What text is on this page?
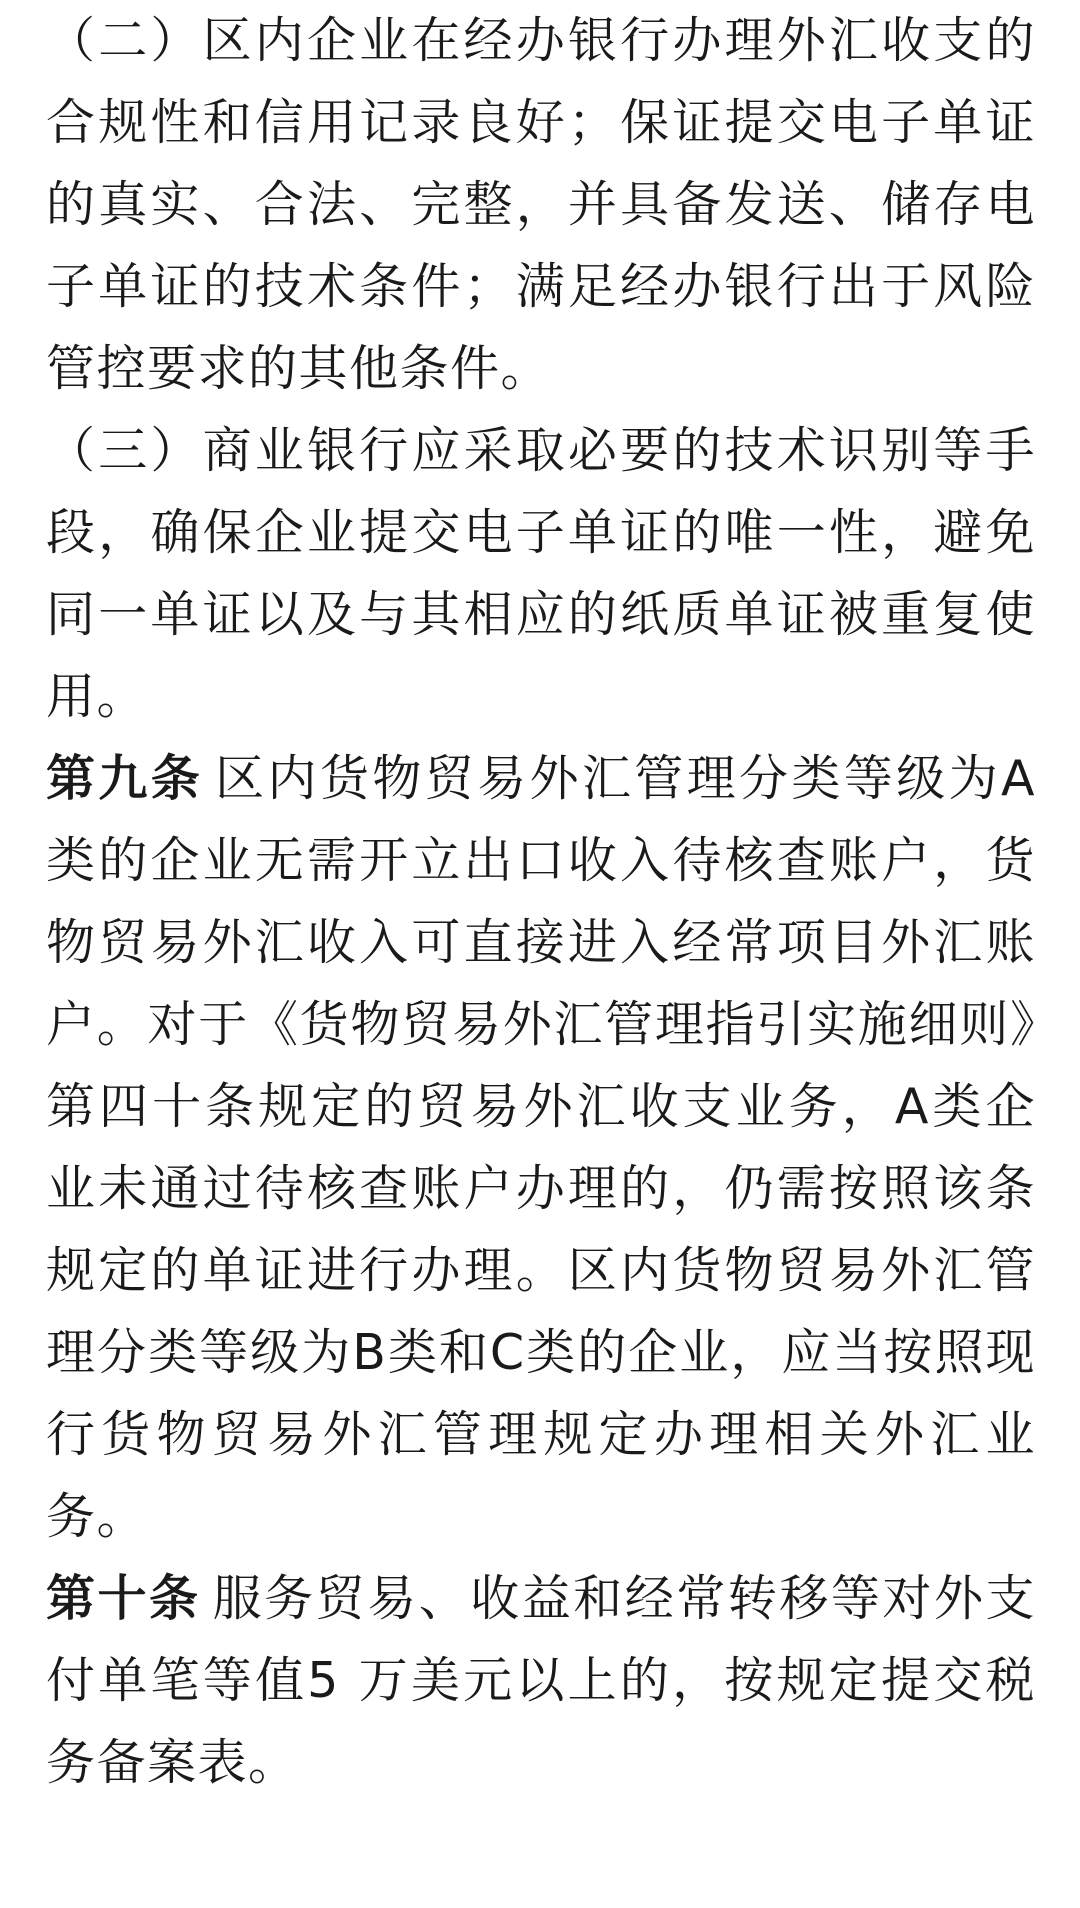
（二）区内企业在经办银行办理外汇收支的合规性和信用记录良好；保证提交电子单证的真实、合法、完整，并具备发送、储存电子单证的技术条件；满足经办银行出于风险管控要求的其他条件。

（三）商业银行应采取必要的技术识别等手段，确保企业提交电子单证的唯一性，避免同一单证以及与其相应的纸质单证被重复使用。

第九条 区内货物贸易外汇管理分类等级为A类的企业无需开立出口收入待核查账户，货物贸易外汇收入可直接进入经常项目外汇账户。对于《货物贸易外汇管理指引实施细则》第四十条规定的贸易外汇收支业务，A类企业未通过待核查账户办理的，仍需按照该条规定的单证进行办理。区内货物贸易外汇管理分类等级为B类和C类的企业，应当按照现行货物贸易外汇管理规定办理相关外汇业务。

第十条 服务贸易、收益和经常转移等对外支付单笔等值5 万美元以上的，按规定提交税务备案表。
